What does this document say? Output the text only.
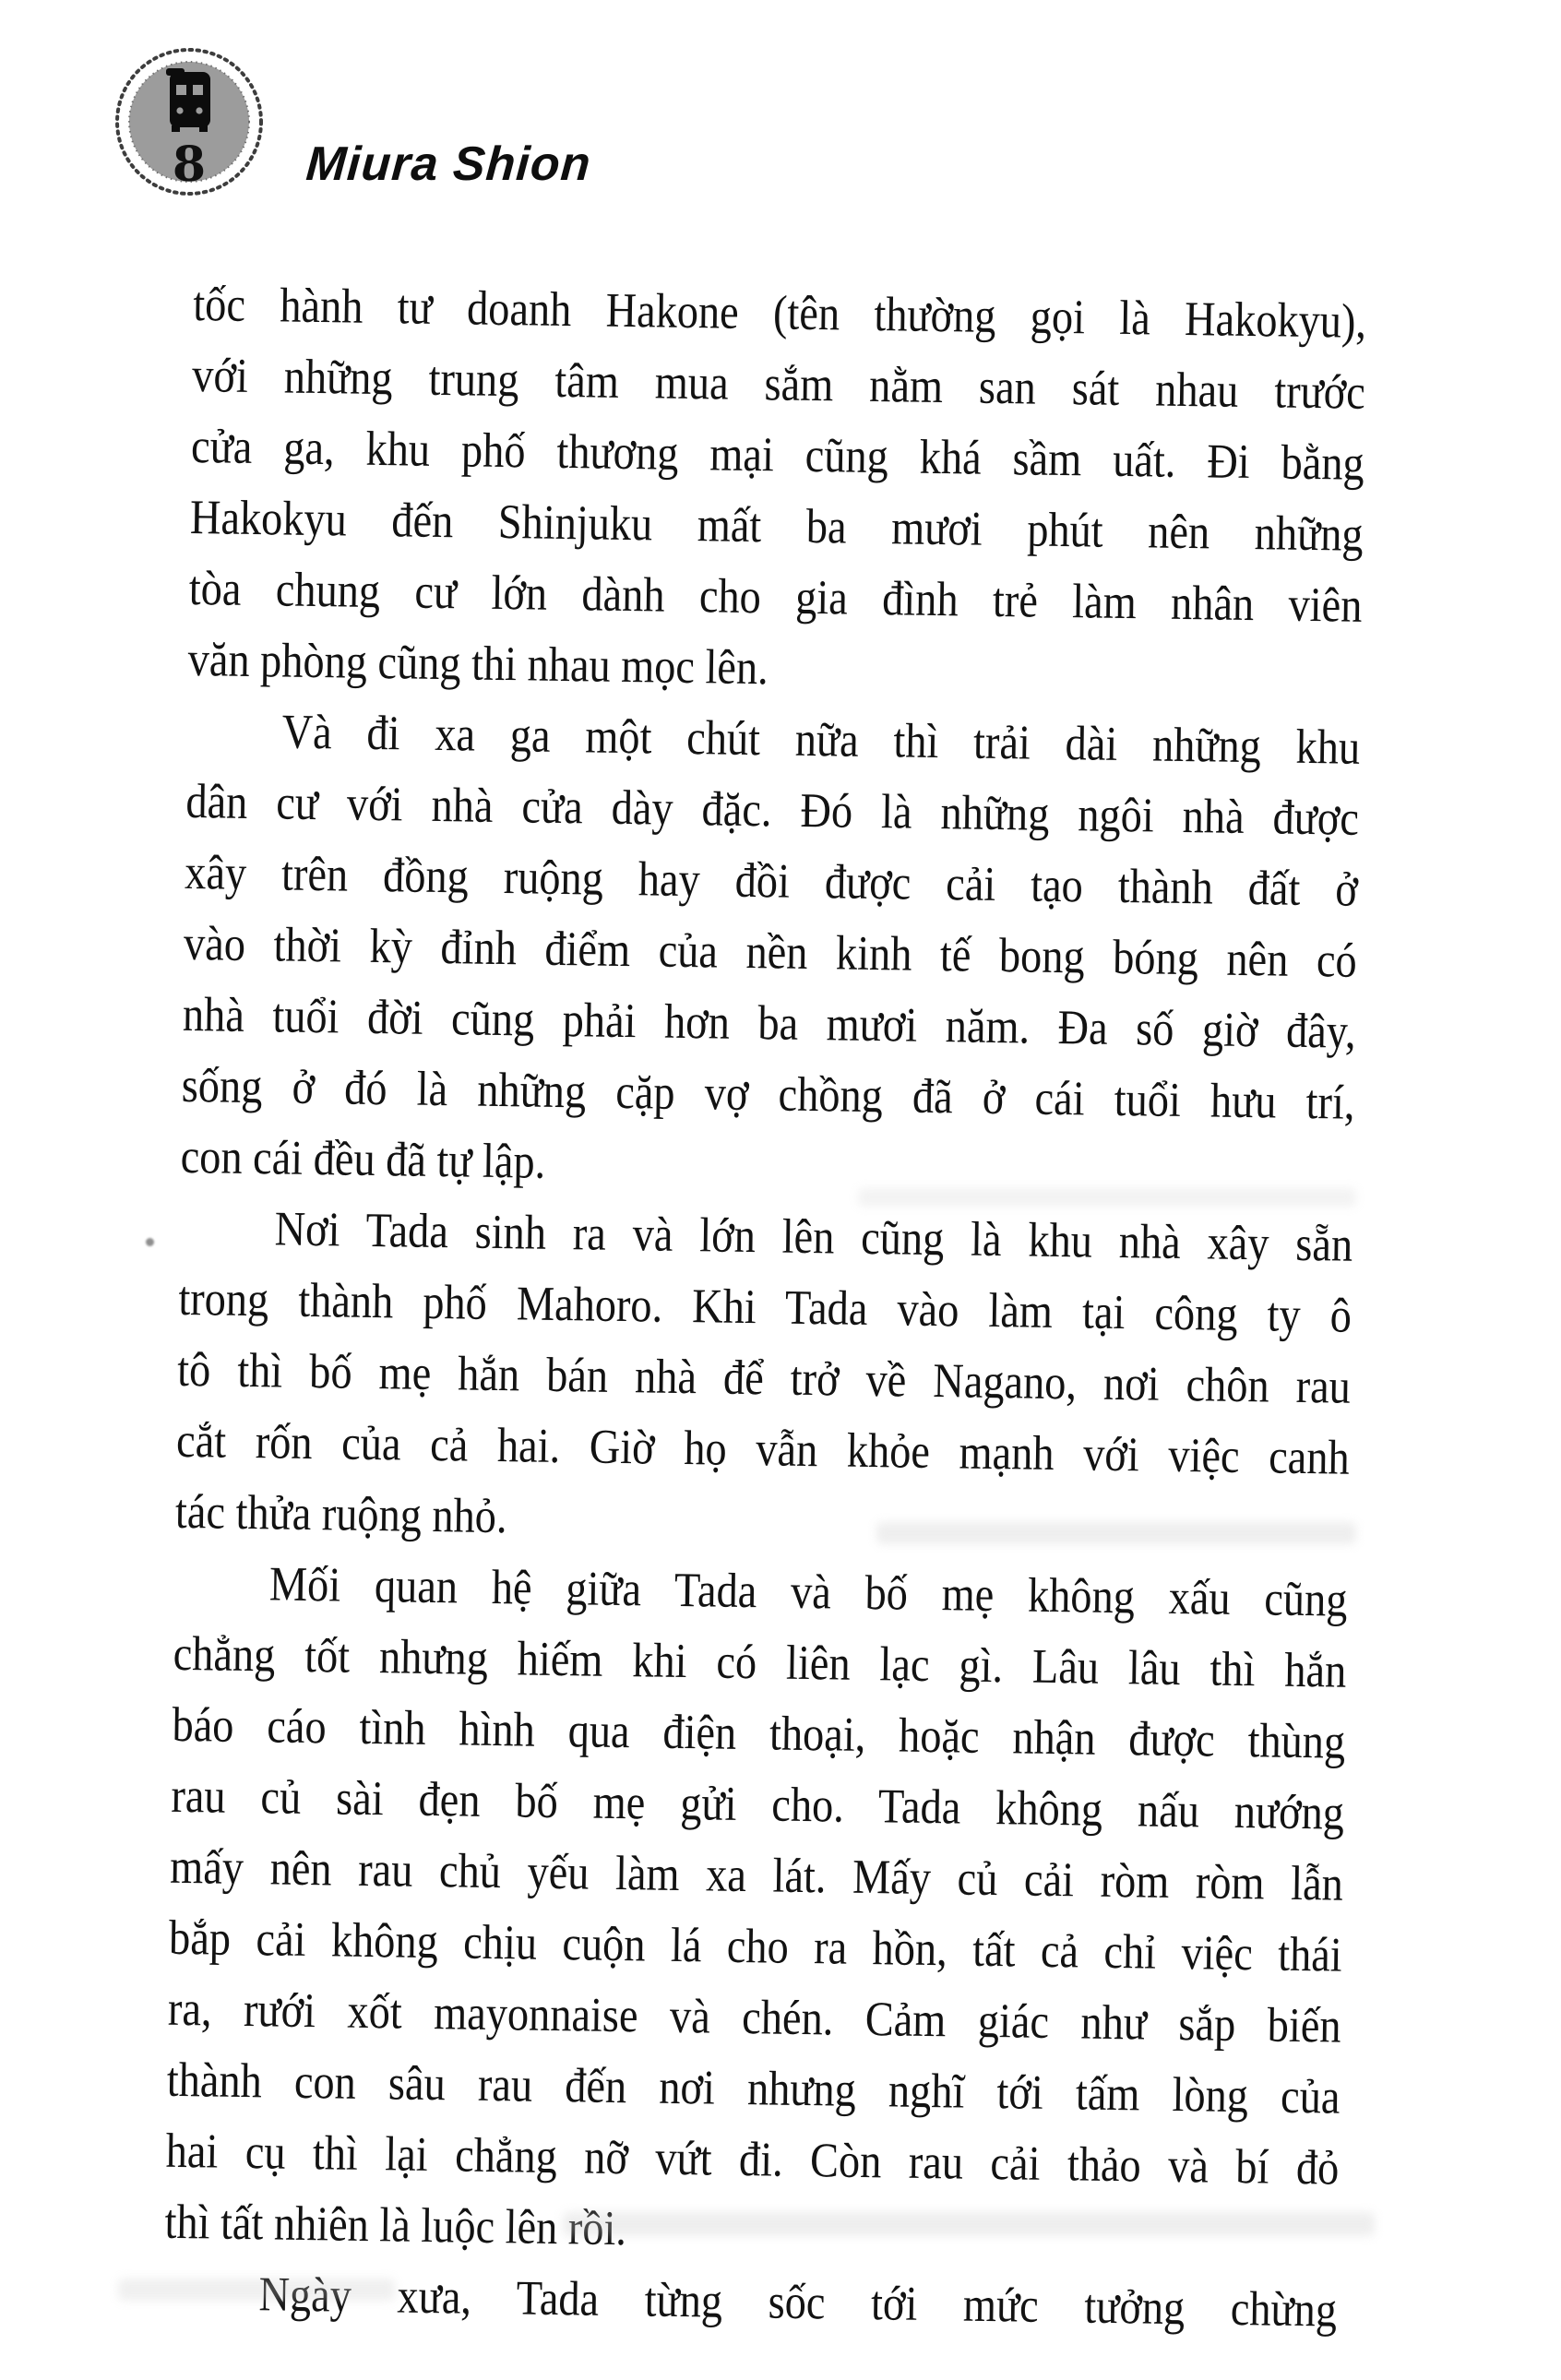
8 Miura Shion
tốc hành tư doanh Hakone (tên thường gọi là Hakokyu),
với những trung tâm mua sắm nằm san sát nhau trước
cửa ga, khu phố thương mại cũng khá sầm uất. Đi bằng
Hakokyu đến Shinjuku mất ba mươi phút nên những
tòa chung cư lớn dành cho gia đình trẻ làm nhân viên
văn phòng cũng thi nhau mọc lên.
Và đi xa ga một chút nữa thì trải dài những khu
dân cư với nhà cửa dày đặc. Đó là những ngôi nhà được
xây trên đồng ruộng hay đồi được cải tạo thành đất ở
vào thời kỳ đỉnh điểm của nền kinh tế bong bóng nên có
nhà tuổi đời cũng phải hơn ba mươi năm. Đa số giờ đây,
sống ở đó là những cặp vợ chồng đã ở cái tuổi hưu trí,
con cái đều đã tự lập.
Nơi Tada sinh ra và lớn lên cũng là khu nhà xây sẵn
trong thành phố Mahoro. Khi Tada vào làm tại công ty ô
tô thì bố mẹ hắn bán nhà để trở về Nagano, nơi chôn rau
cắt rốn của cả hai. Giờ họ vẫn khỏe mạnh với việc canh
tác thửa ruộng nhỏ.
Mối quan hệ giữa Tada và bố mẹ không xấu cũng
chẳng tốt nhưng hiếm khi có liên lạc gì. Lâu lâu thì hắn
báo cáo tình hình qua điện thoại, hoặc nhận được thùng
rau củ sài đẹn bố mẹ gửi cho. Tada không nấu nướng
mấy nên rau chủ yếu làm xa lát. Mấy củ cải ròm ròm lẫn
bắp cải không chịu cuộn lá cho ra hồn, tất cả chỉ việc thái
ra, rưới xốt mayonnaise và chén. Cảm giác như sắp biến
thành con sâu rau đến nơi nhưng nghĩ tới tấm lòng của
hai cụ thì lại chẳng nỡ vứt đi. Còn rau cải thảo và bí đỏ
thì tất nhiên là luộc lên rồi.
Ngày xưa, Tada từng sốc tới mức tưởng chừng
